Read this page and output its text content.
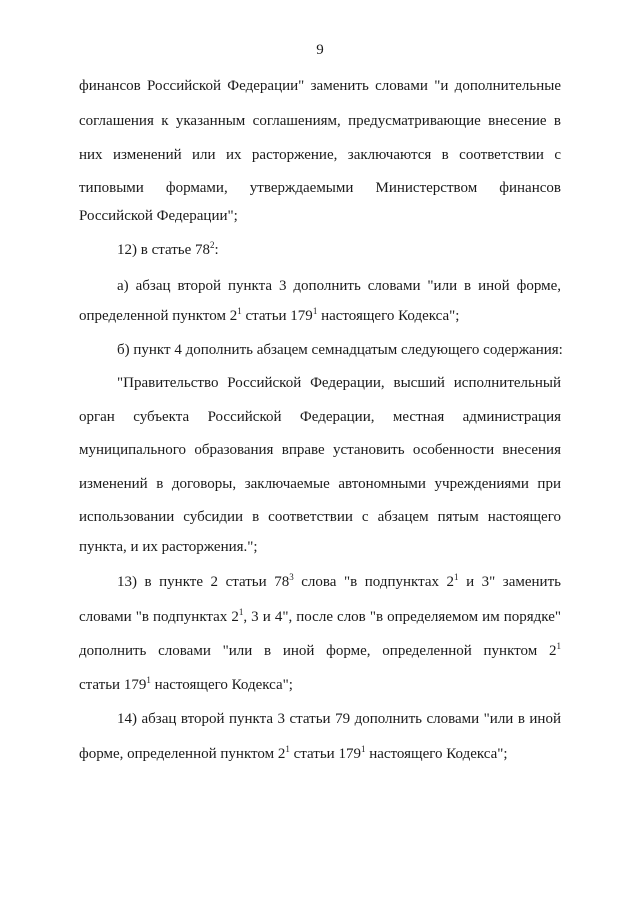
9
финансов Российской Федерации" заменить словами "и дополнительные
соглашения к указанным соглашениям, предусматривающие внесение в
них изменений или их расторжение, заключаются в соответствии с
типовыми формами, утверждаемыми Министерством финансов
Российской Федерации";
12) в статье $78^2$:
а) абзац второй пункта 3 дополнить словами "или в иной форме,
определенной пунктом $2^1$ статьи $179^1$ настоящего Кодекса";
б) пункт 4 дополнить абзацем семнадцатым следующего содержания:
"Правительство Российской Федерации, высший исполнительный
орган субъекта Российской Федерации, местная администрация
муниципального образования вправе установить особенности внесения
изменений в договоры, заключаемые автономными учреждениями при
использовании субсидии в соответствии с абзацем пятым настоящего
пункта, и их расторжения.";
13) в пункте 2 статьи $78^3$ слова "в подпунктах $2^1$ и 3" заменить
словами "в подпунктах $2^1$, 3 и 4", после слов "в определяемом им порядке"
дополнить словами "или в иной форме, определенной пунктом $2^1$
статьи $179^1$ настоящего Кодекса";
14) абзац второй пункта 3 статьи 79 дополнить словами "или в иной
форме, определенной пунктом $2^1$ статьи $179^1$ настоящего Кодекса";
